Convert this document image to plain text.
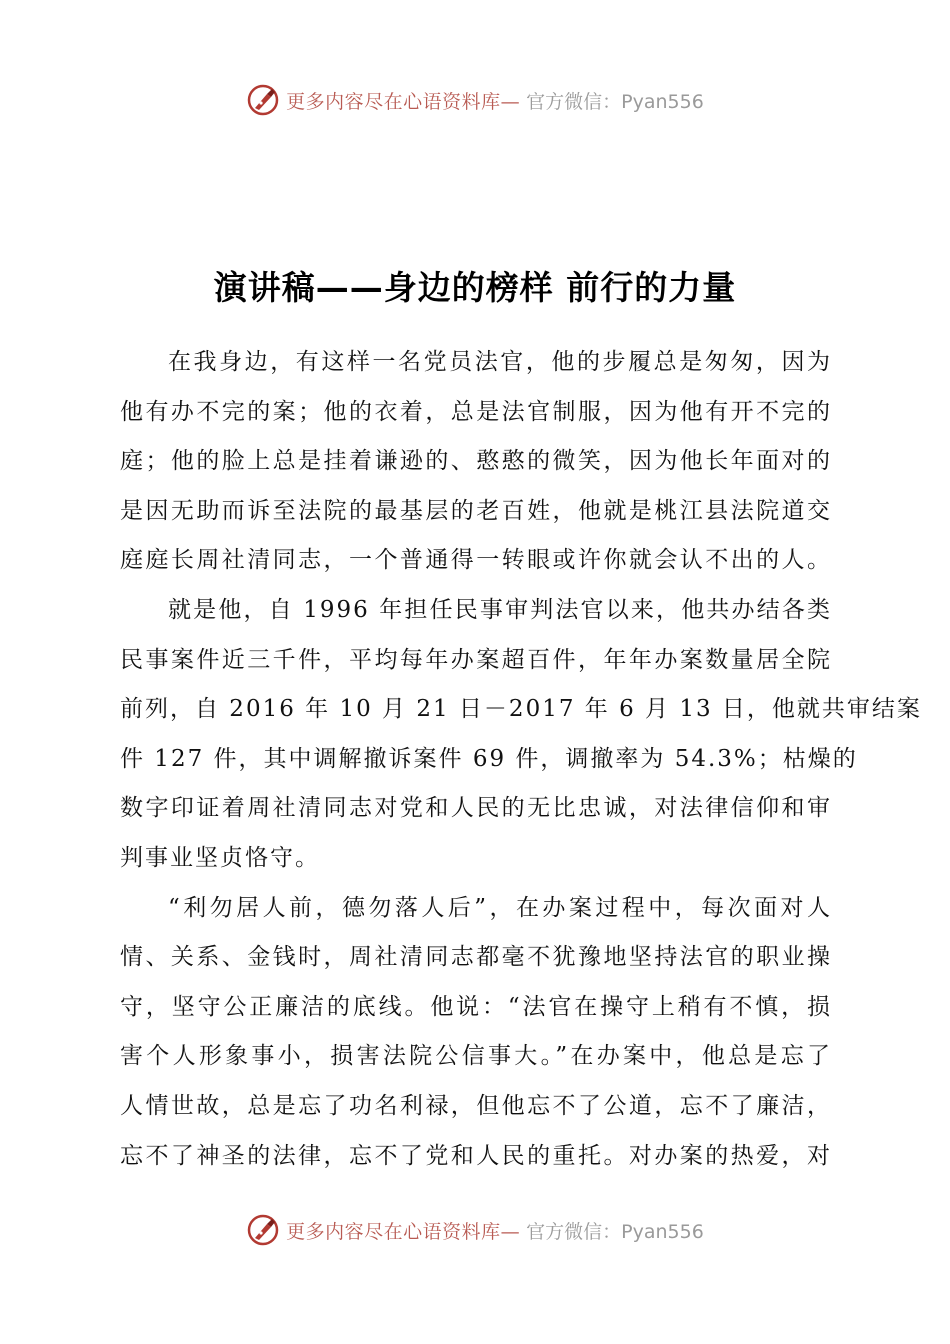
更多内容尽在心语资料库— 官方微信：Pyan556
演讲稿——身边的榜样 前行的力量
在我身边，有这样一名党员法官，他的步履总是匆匆，因为
他有办不完的案；他的衣着，总是法官制服，因为他有开不完的
庭；他的脸上总是挂着谦逊的、憨憨的微笑，因为他长年面对的
是因无助而诉至法院的最基层的老百姓，他就是桃江县法院道交
庭庭长周社清同志，一个普通得一转眼或许你就会认不出的人。
就是他，自 1996 年担任民事审判法官以来，他共办结各类
民事案件近三千件，平均每年办案超百件，年年办案数量居全院
前列，自 2016 年 10 月 21 日－2017 年 6 月 13 日，他就共审结案
件 127 件，其中调解撤诉案件 69 件，调撤率为 54.3%；枯燥的
数字印证着周社清同志对党和人民的无比忠诚，对法律信仰和审
判事业坚贞恪守。
“利勿居人前，德勿落人后”，在办案过程中，每次面对人
情、关系、金钱时，周社清同志都毫不犹豫地坚持法官的职业操
守，坚守公正廉洁的底线。他说：“法官在操守上稍有不慎，损
害个人形象事小，损害法院公信事大。”在办案中，他总是忘了
人情世故，总是忘了功名利禄，但他忘不了公道，忘不了廉洁，
忘不了神圣的法律，忘不了党和人民的重托。对办案的热爱，对
更多内容尽在心语资料库— 官方微信：Pyan556
